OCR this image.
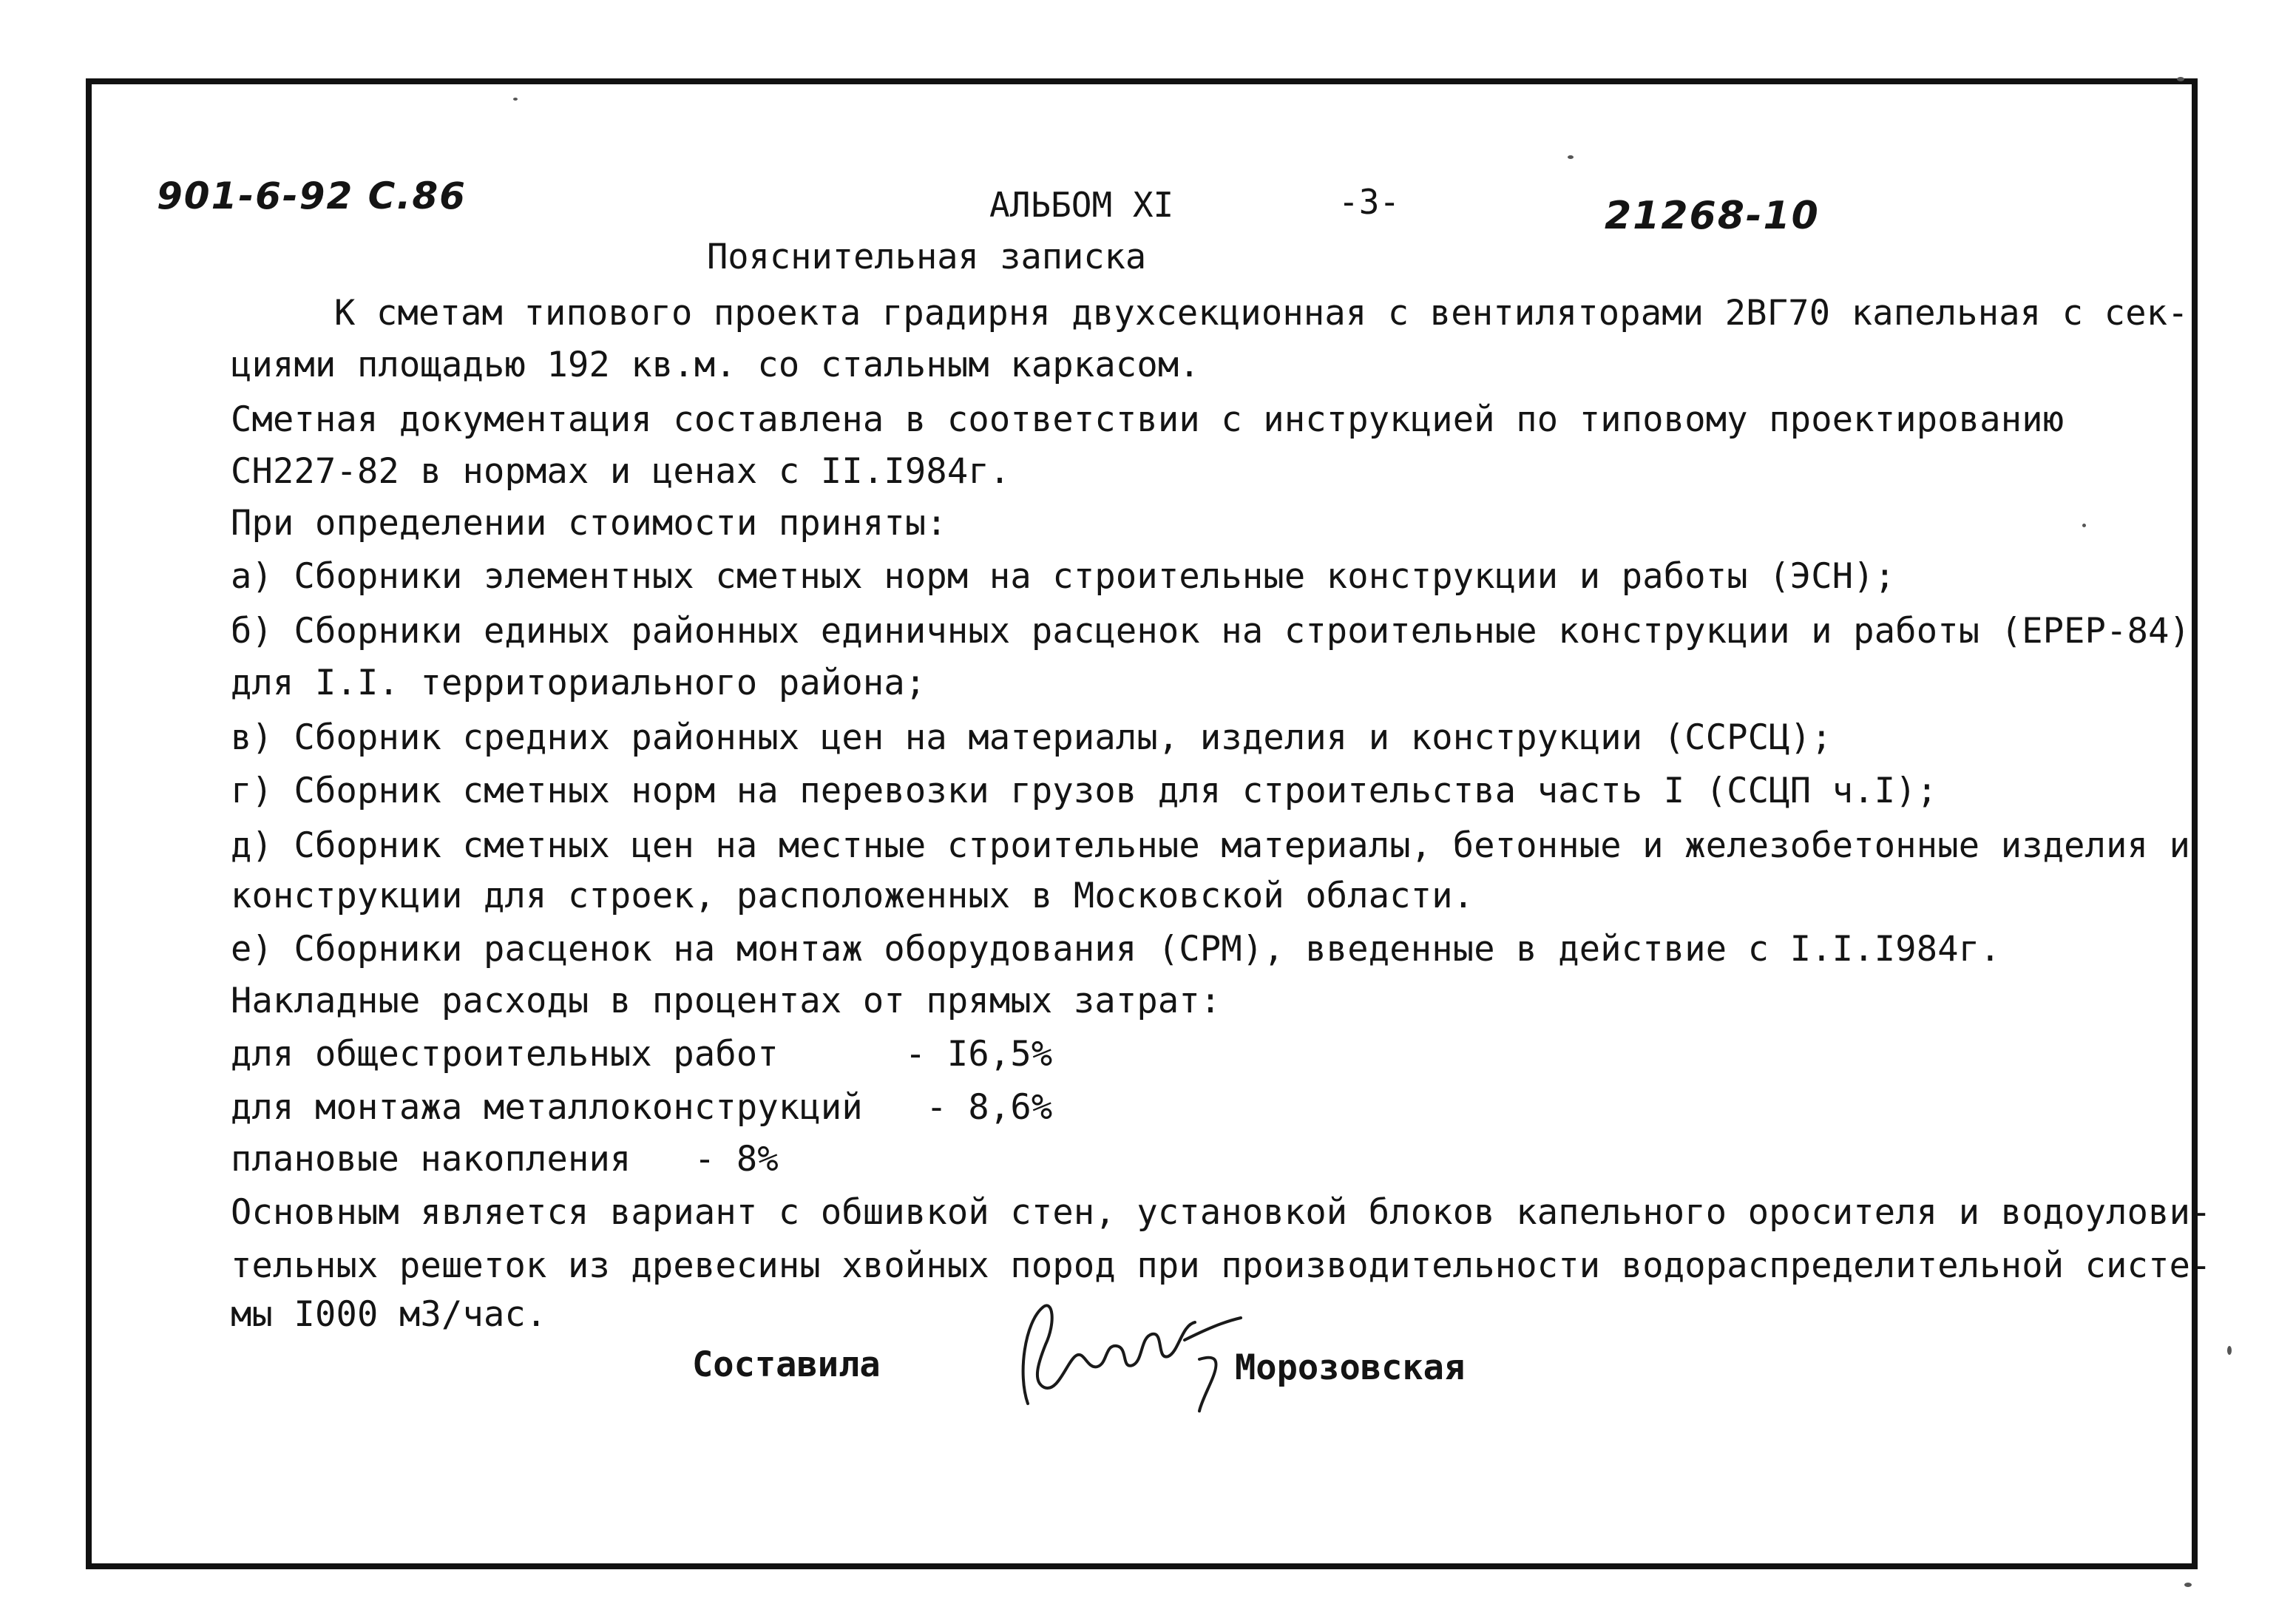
901-6-92 С.86	АЛЬБОМ XI	-3-	21268-10
Пояснительная записка
К сметам типового проекта градирня двухсекционная с вентиляторами 2ВГ70 капельная с сек-
циями площадью 192 кв.м. со стальным каркасом.
Сметная документация составлена в соответствии с инструкцией по типовому проектированию
СН227-82 в нормах и ценах с II.I984г.
При определении стоимости приняты:
а) Сборники элементных сметных норм на строительные конструкции и работы (ЭСН);
б) Сборники единых районных единичных расценок на строительные конструкции и работы (ЕРЕР-84)
для I.I. территориального района;
в) Сборник средних районных цен на материалы, изделия и конструкции (ССРСЦ);
г) Сборник сметных норм на перевозки грузов для строительства часть I (ССЦП ч.I);
д) Сборник сметных цен на местные строительные материалы, бетонные и железобетонные изделия и
конструкции для строек, расположенных в Московской области.
е) Сборники расценок на монтаж оборудования (СРМ), введенные в действие с I.I.I984г.
Накладные расходы в процентах от прямых затрат:
для общестроительных работ      - I6,5%
для монтажа металлоконструкций   - 8,6%
плановые накопления   - 8%
Основным является вариант с обшивкой стен, установкой блоков капельного оросителя и водоулови-
тельных решеток из древесины хвойных пород при производительности водораспределительной систе-
мы I000 м3/час.
Составила	Морозовская
